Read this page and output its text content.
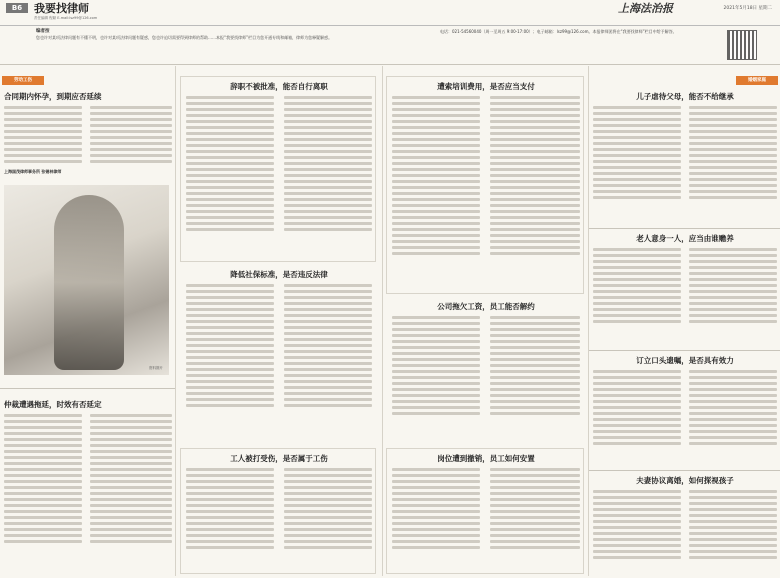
B6	我要找律师
责任编辑 程颖 E-mail:lsz99@126.com
上海法治报	2021年5月18日 星期二
编者按
您也许对某项法律问题有不懂不明，也许对某项法律问题有疑惑，您也许迫切需要得到律师的帮助……本报“我要找律师”栏目为您开通专线和邮箱，律师为您释疑解惑。
电话：021-54560040（周一至周五 9:00-17:00）；电子邮箱：lsz99@126.com。本报律师团将在“我要找律师”栏目中给予解答。
劳动工伤	婚姻家庭
合同期内怀孕，到期应否延续
上海国茂律师事务所 张锡林律师
资料图片
仲裁遭遇拖延，时效有否延定
辞职不被批准，能否自行离职
降低社保标准，是否违反法律
工人被打受伤，是否属于工伤
遭索培训费用，是否应当支付
公司拖欠工资，员工能否解约
岗位遭到撤销，员工如何安置
儿子虐待父母，能否不给继承
老人意身一人，应当由谁赡养
订立口头遗嘱，是否具有效力
夫妻协议离婚，如何探视孩子
